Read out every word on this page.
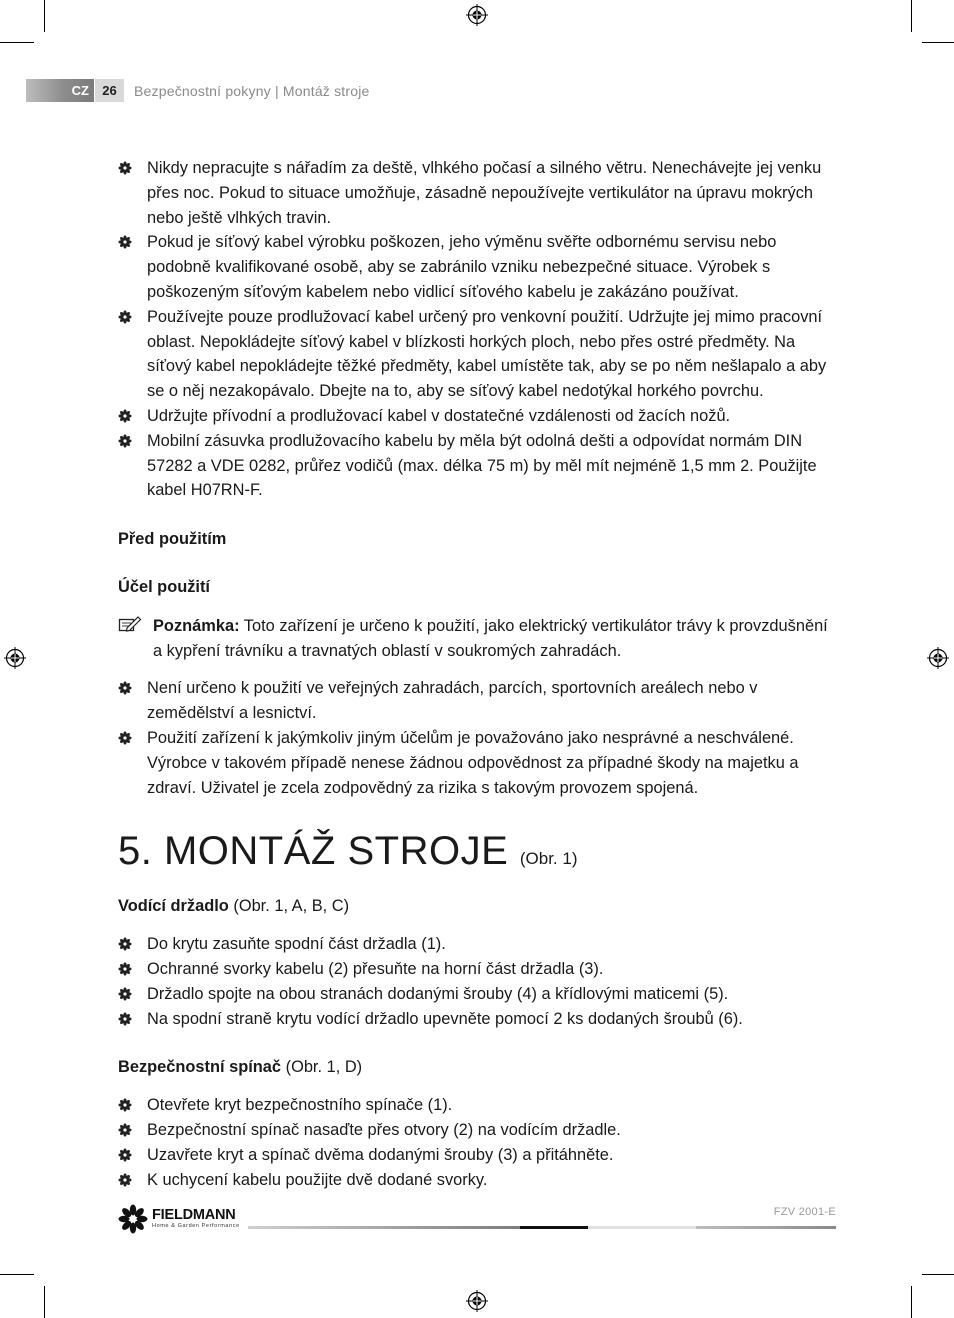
CZ	26	Bezpečnostní pokyny | Montáž stroje
Nikdy nepracujte s nářadím za deště, vlhkého počasí a silného větru. Nenechávejte jej venku přes noc. Pokud to situace umožňuje, zásadně nepoužívejte vertikulátor na úpravu mokrých nebo ještě vlhkých travin.
Pokud je síťový kabel výrobku poškozen, jeho výměnu svěřte odbornému servisu nebo podobně kvalifikované osobě, aby se zabránilo vzniku nebezpečné situace. Výrobek s poškozeným síťovým kabelem nebo vidlicí síťového kabelu je zakázáno používat.
Používejte pouze prodlužovací kabel určený pro venkovní použití. Udržujte jej mimo pracovní oblast. Nepokládejte síťový kabel v blízkosti horkých ploch, nebo přes ostré předměty. Na síťový kabel nepokládejte těžké předměty, kabel umístěte tak, aby se po něm nešlapalo a aby se o něj nezakopávalo. Dbejte na to, aby se síťový kabel nedotýkal horkého povrchu.
Udržujte přívodní a prodlužovací kabel v dostatečné vzdálenosti od žacích nožů.
Mobilní zásuvka prodlužovacího kabelu by měla být odolná dešti a odpovídat normám DIN 57282 a VDE 0282, průřez vodičů (max. délka 75 m) by měl mít nejméně 1,5 mm 2. Použijte kabel H07RN-F.

Před použitím

Účel použití

Poznámka: Toto zařízení je určeno k použití, jako elektrický vertikulátor trávy k provzdušnění a kypření trávníku a travnatých oblastí v soukromých zahradách.
Není určeno k použití ve veřejných zahradách, parcích, sportovních areálech nebo v zemědělství a lesnictví.
Použití zařízení k jakýmkoliv jiným účelům je považováno jako nesprávné a neschválené. Výrobce v takovém případě nenese žádnou odpovědnost za případné škody na majetku a zdraví. Uživatel je zcela zodpovědný za rizika s takovým provozem spojená.
5. MONTÁŽ STROJE (Obr. 1)

Vodící držadlo (Obr. 1, A, B, C)

Do krytu zasuňte spodní část držadla (1).
Ochranné svorky kabelu (2) přesuňte na horní část držadla (3).
Držadlo spojte na obou stranách dodanými šrouby (4) a křídlovými maticemi (5).
Na spodní straně krytu vodící držadlo upevněte pomocí 2 ks dodaných šroubů (6).

Bezpečnostní spínač (Obr. 1, D)

Otevřete kryt bezpečnostního spínače (1).
Bezpečnostní spínač nasaďte přes otvory (2) na vodícím držadle.
Uzavřete kryt a spínač dvěma dodanými šrouby (3) a přitáhněte.
K uchycení kabelu použijte dvě dodané svorky.
FIELDMANN
Home & Garden Performance
FZV 2001-E
